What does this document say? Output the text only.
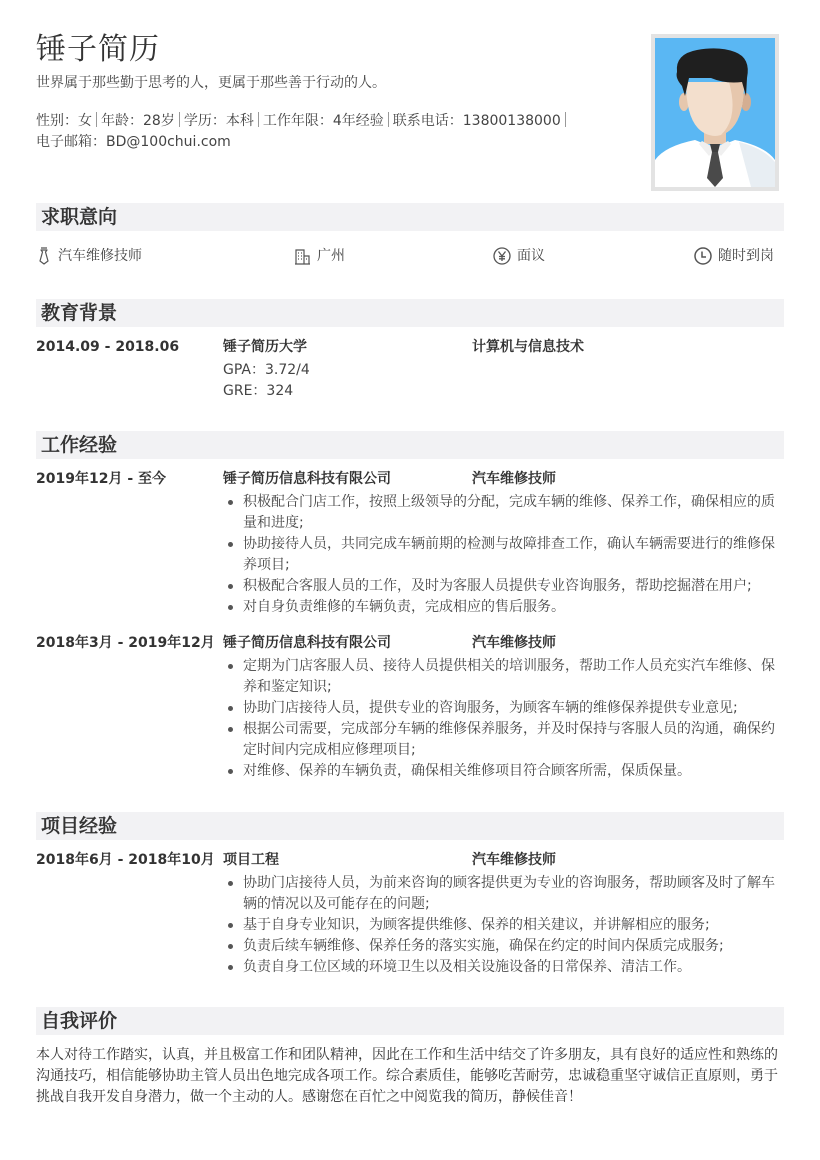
锤子简历
世界属于那些勤于思考的人，更属于那些善于行动的人。
性别：女 年龄：28岁 学历：本科 工作年限：4年经验 联系电话：13800138000
电子邮箱：BD@100chui.com
求职意向
汽车维修技师	广州	面议	随时到岗
教育背景
2014.09 - 2018.06	锤子简历大学	计算机与信息技术
GPA：3.72/4
GRE：324
工作经验
2019年12月 - 至今	锤子简历信息科技有限公司	汽车维修技师
积极配合门店工作，按照上级领导的分配，完成车辆的维修、保养工作，确保相应的质量和进度;
协助接待人员，共同完成车辆前期的检测与故障排查工作，确认车辆需要进行的维修保养项目;
积极配合客服人员的工作，及时为客服人员提供专业咨询服务，帮助挖掘潜在用户;
对自身负责维修的车辆负责，完成相应的售后服务。
2018年3月 - 2019年12月 锤子简历信息科技有限公司	汽车维修技师
定期为门店客服人员、接待人员提供相关的培训服务，帮助工作人员充实汽车维修、保养和鉴定知识;
协助门店接待人员，提供专业的咨询服务，为顾客车辆的维修保养提供专业意见;
根据公司需要，完成部分车辆的维修保养服务，并及时保持与客服人员的沟通，确保约定时间内完成相应修理项目;
对维修、保养的车辆负责，确保相关维修项目符合顾客所需，保质保量。
项目经验
2018年6月 - 2018年10月 项目工程	汽车维修技师
协助门店接待人员，为前来咨询的顾客提供更为专业的咨询服务，帮助顾客及时了解车辆的情况以及可能存在的问题;
基于自身专业知识，为顾客提供维修、保养的相关建议，并讲解相应的服务;
负责后续车辆维修、保养任务的落实实施，确保在约定的时间内保质完成服务;
负责自身工位区域的环境卫生以及相关设施设备的日常保养、清洁工作。
自我评价

本人对待工作踏实，认真，并且极富工作和团队精神，因此在工作和生活中结交了许多朋友，具有良好的适应性和熟练的沟通技巧，相信能够协助主管人员出色地完成各项工作。综合素质佳，能够吃苦耐劳，忠诚稳重坚守诚信正直原则，勇于挑战自我开发自身潜力，做一个主动的人。感谢您在百忙之中阅览我的简历，静候佳音！
